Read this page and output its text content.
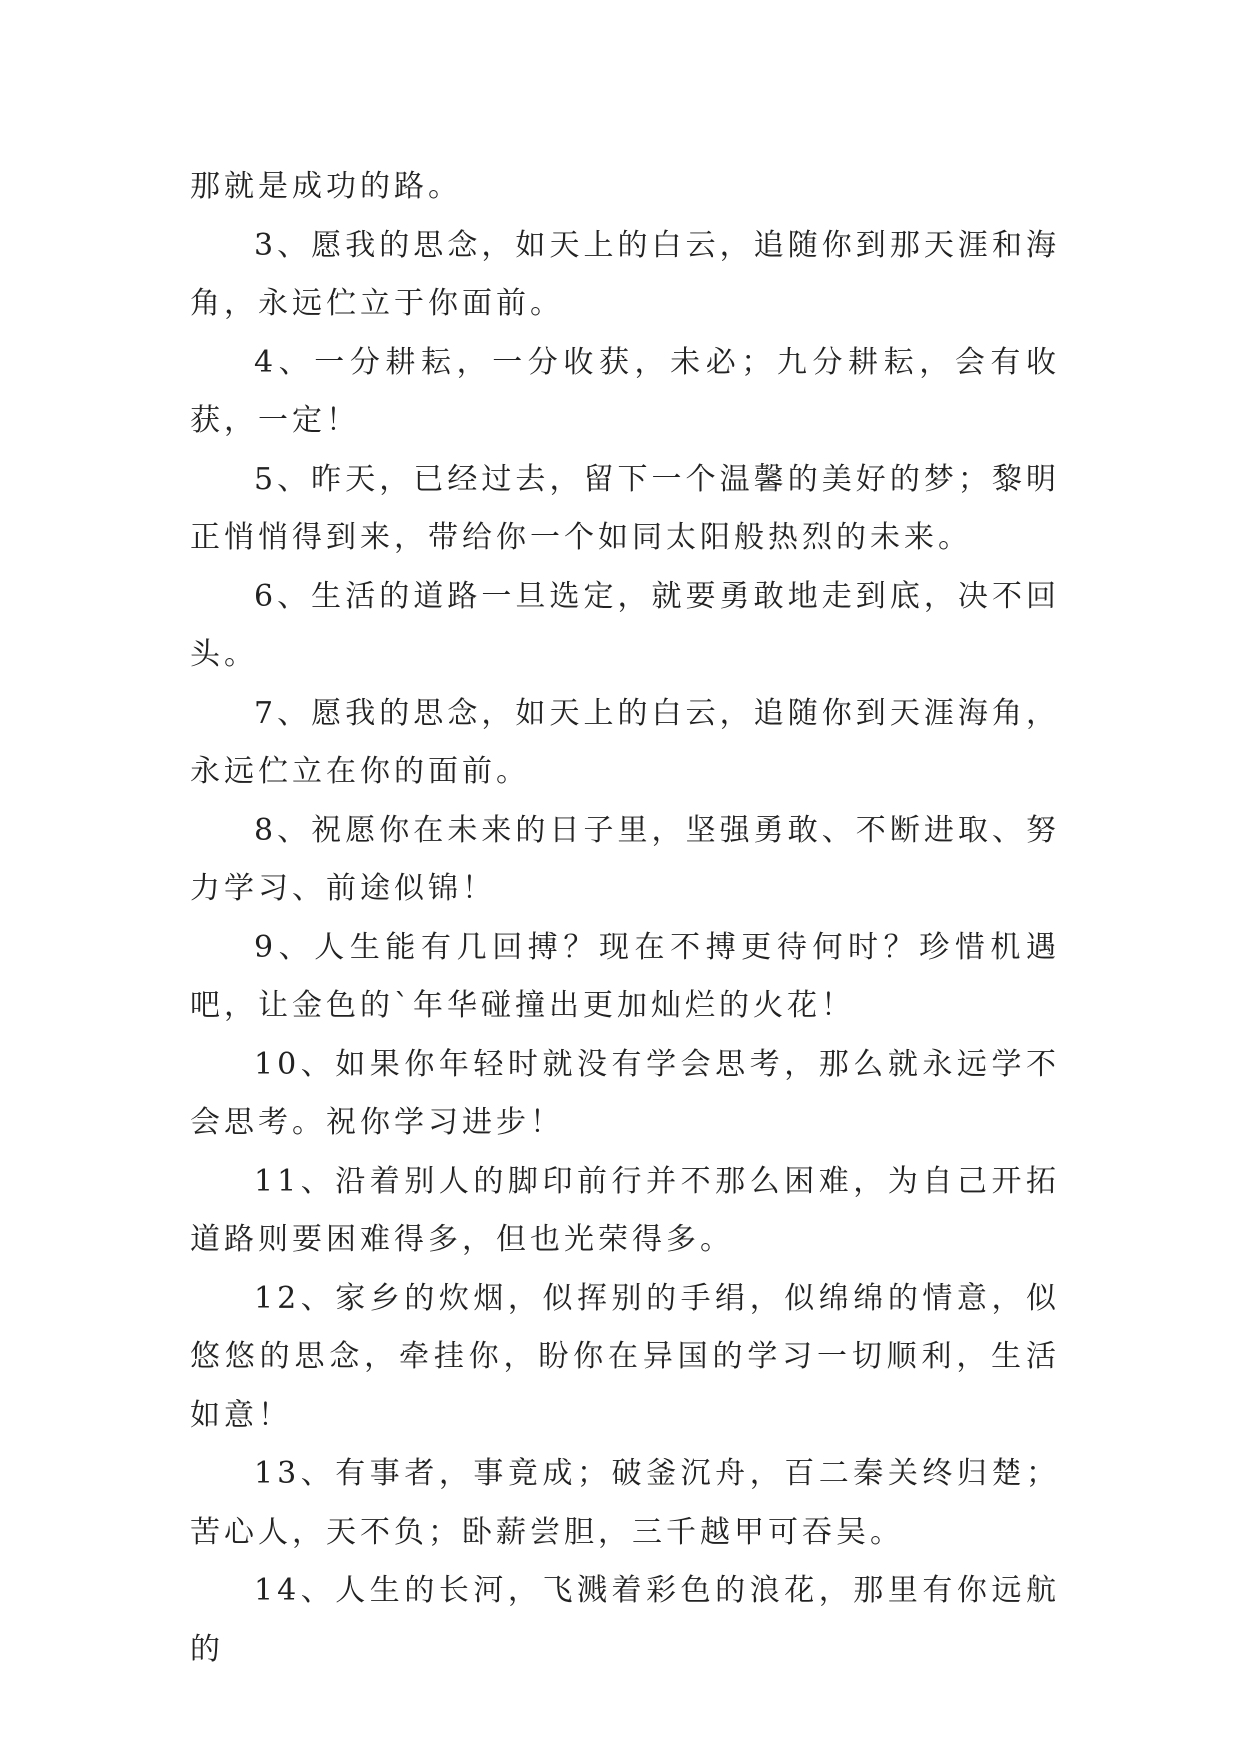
那就是成功的路。

3、愿我的思念，如天上的白云，追随你到那天涯和海角，永远伫立于你面前。

4、一分耕耘，一分收获，未必；九分耕耘，会有收获，一定！

5、昨天，已经过去，留下一个温馨的美好的梦；黎明正悄悄得到来，带给你一个如同太阳般热烈的未来。

6、生活的道路一旦选定，就要勇敢地走到底，决不回头。

7、愿我的思念，如天上的白云，追随你到天涯海角，永远伫立在你的面前。

8、祝愿你在未来的日子里，坚强勇敢、不断进取、努力学习、前途似锦！

9、人生能有几回搏？现在不搏更待何时？珍惜机遇吧，让金色的`年华碰撞出更加灿烂的火花！

10、如果你年轻时就没有学会思考，那么就永远学不会思考。祝你学习进步！

11、沿着别人的脚印前行并不那么困难，为自己开拓道路则要困难得多，但也光荣得多。

12、家乡的炊烟，似挥别的手绢，似绵绵的情意，似悠悠的思念，牵挂你，盼你在异国的学习一切顺利，生活如意！

13、有事者，事竟成；破釜沉舟，百二秦关终归楚；苦心人，天不负；卧薪尝胆，三千越甲可吞吴。

14、人生的长河，飞溅着彩色的浪花，那里有你远航的
